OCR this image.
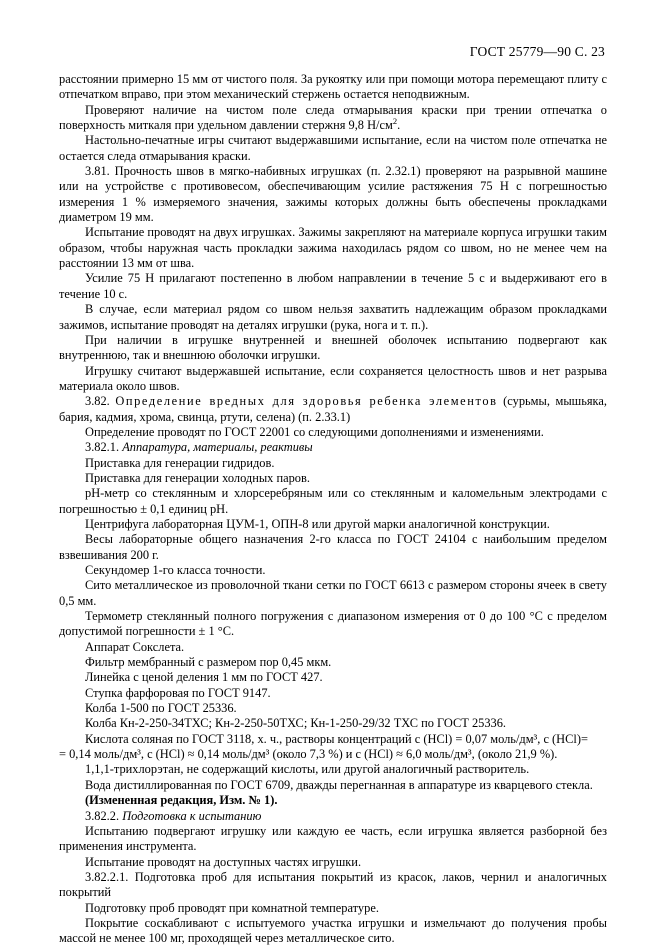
ГОСТ 25779—90 С. 23

расстоянии примерно 15 мм от чистого поля. За рукоятку или при помощи мотора перемещают плиту с отпечатком вправо, при этом механический стержень остается неподвижным.

Проверяют наличие на чистом поле следа отмарывания краски при трении отпечатка о поверхность миткаля при удельном давлении стержня 9,8 $Н/см^2$.

Настольно-печатные игры считают выдержавшими испытание, если на чистом поле отпечатка не остается следа отмарывания краски.

3.81. Прочность швов в мягко-набивных игрушках (п. 2.32.1) проверяют на разрывной машине или на устройстве с противовесом, обеспечивающим усилие растяжения 75 Н с погрешностью измерения 1 % измеряемого значения, зажимы которых должны быть обеспечены прокладками диаметром 19 мм.

Испытание проводят на двух игрушках. Зажимы закрепляют на материале корпуса игрушки таким образом, чтобы наружная часть прокладки зажима находилась рядом со швом, но не менее чем на расстоянии 13 мм от шва.

Усилие 75 Н прилагают постепенно в любом направлении в течение 5 с и выдерживают его в течение 10 с.

В случае, если материал рядом со швом нельзя захватить надлежащим образом прокладками зажимов, испытание проводят на деталях игрушки (рука, нога и т. п.).

При наличии в игрушке внутренней и внешней оболочек испытанию подвергают как внутреннюю, так и внешнюю оболочки игрушки.

Игрушку считают выдержавшей испытание, если сохраняется целостность швов и нет разрыва материала около швов.

3.82. Определение вредных для здоровья ребенка элементов (сурьмы, мышьяка, бария, кадмия, хрома, свинца, ртути, селена) (п. 2.33.1)

Определение проводят по ГОСТ 22001 со следующими дополнениями и изменениями.

3.82.1. Аппаратура, материалы, реактивы

Приставка для генерации гидридов.

Приставка для генерации холодных паров.

pH-метр со стеклянным и хлорсеребряным или со стеклянным и каломельным электродами с погрешностью ± 0,1 единиц рН.

Центрифуга лабораторная ЦУМ-1, ОПН-8 или другой марки аналогичной конструкции.

Весы лабораторные общего назначения 2-го класса по ГОСТ 24104 с наибольшим пределом взвешивания 200 г.

Секундомер 1-го класса точности.

Сито металлическое из проволочной ткани сетки по ГОСТ 6613 с размером стороны ячеек в свету 0,5 мм.

Термометр стеклянный полного погружения с диапазоном измерения от 0 до 100 °С с пределом допустимой погрешности ± 1 °С.

Аппарат Сокслета.

Фильтр мембранный с размером пор 0,45 мкм.

Линейка с ценой деления 1 мм по ГОСТ 427.

Ступка фарфоровая по ГОСТ 9147.

Колба 1-500 по ГОСТ 25336.

Колба Кн-2-250-34ТХС; Кн-2-250-50ТХС; Кн-1-250-29/32 ТХС по ГОСТ 25336.

Кислота соляная по ГОСТ 3118, х. ч., растворы концентраций с (HCl) = 0,07 моль/дм³, с (HCl)=

= 0,14 моль/дм³, с (HCl) ≈ 0,14 моль/дм³ (около 7,3 %) и с (HCl) ≈ 6,0 моль/дм³, (около 21,9 %).

1,1,1-трихлорэтан, не содержащий кислоты, или другой аналогичный растворитель.

Вода дистиллированная по ГОСТ 6709, дважды перегнанная в аппаратуре из кварцевого стекла.

(Измененная редакция, Изм. № 1).

3.82.2. Подготовка к испытанию

Испытанию подвергают игрушку или каждую ее часть, если игрушка является разборной без применения инструмента.

Испытание проводят на доступных частях игрушки.

3.82.2.1. Подготовка проб для испытания покрытий из красок, лаков, чернил и аналогичных покрытий

Подготовку проб проводят при комнатной температуре.

Покрытие соскабливают с испытуемого участка игрушки и измельчают до получения пробы массой не менее 100 мг, проходящей через металлическое сито.
